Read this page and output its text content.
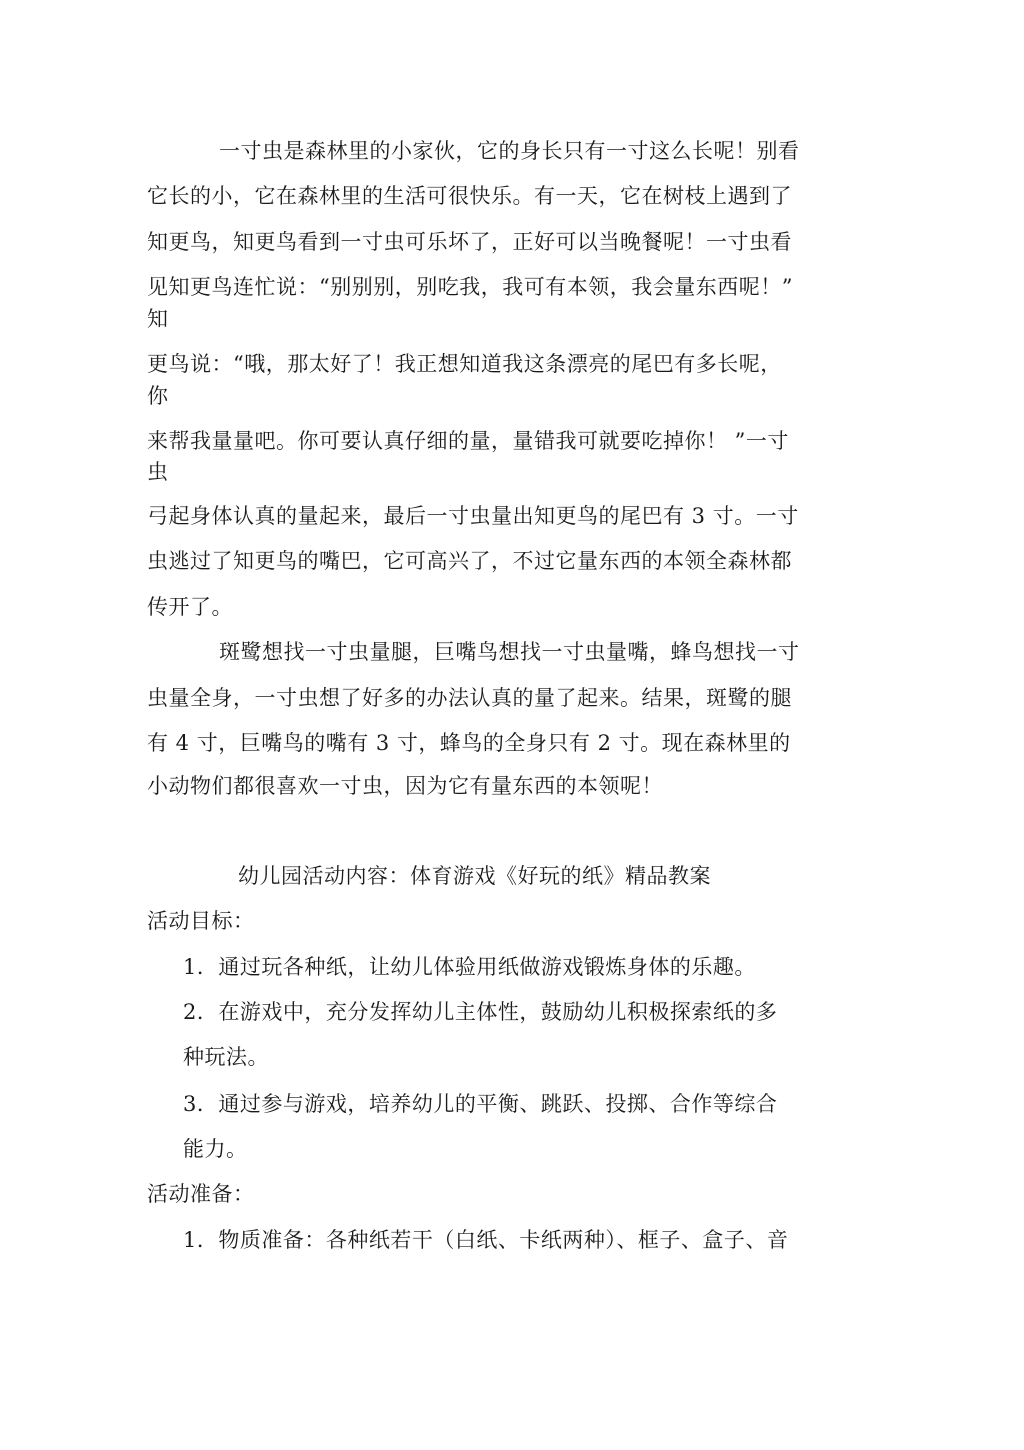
一寸虫是森林里的小家伙，它的身长只有一寸这么长呢！别看
它长的小，它在森林里的生活可很快乐。有一天，它在树枝上遇到了
知更鸟，知更鸟看到一寸虫可乐坏了，正好可以当晚餐呢！一寸虫看
见知更鸟连忙说：“别别别，别吃我，我可有本领，我会量东西呢！”
知
更鸟说：“哦，那太好了！我正想知道我这条漂亮的尾巴有多长呢，
你
来帮我量量吧。你可要认真仔细的量，量错我可就要吃掉你！ ”一寸
虫
弓起身体认真的量起来，最后一寸虫量出知更鸟的尾巴有 3 寸。一寸
虫逃过了知更鸟的嘴巴，它可高兴了，不过它量东西的本领全森林都
传开了。
斑鹭想找一寸虫量腿，巨嘴鸟想找一寸虫量嘴，蜂鸟想找一寸
虫量全身，一寸虫想了好多的办法认真的量了起来。结果，斑鹭的腿
有 4 寸，巨嘴鸟的嘴有 3 寸，蜂鸟的全身只有 2 寸。现在森林里的
小动物们都很喜欢一寸虫，因为它有量东西的本领呢！
幼儿园活动内容：体育游戏《好玩的纸》精品教案
活动目标：
1．通过玩各种纸，让幼儿体验用纸做游戏锻炼身体的乐趣。
2．在游戏中，充分发挥幼儿主体性，鼓励幼儿积极探索纸的多
种玩法。
3．通过参与游戏，培养幼儿的平衡、跳跃、投掷、合作等综合
能力。
活动准备：
1．物质准备：各种纸若干（白纸、卡纸两种）、框子、盒子、音
